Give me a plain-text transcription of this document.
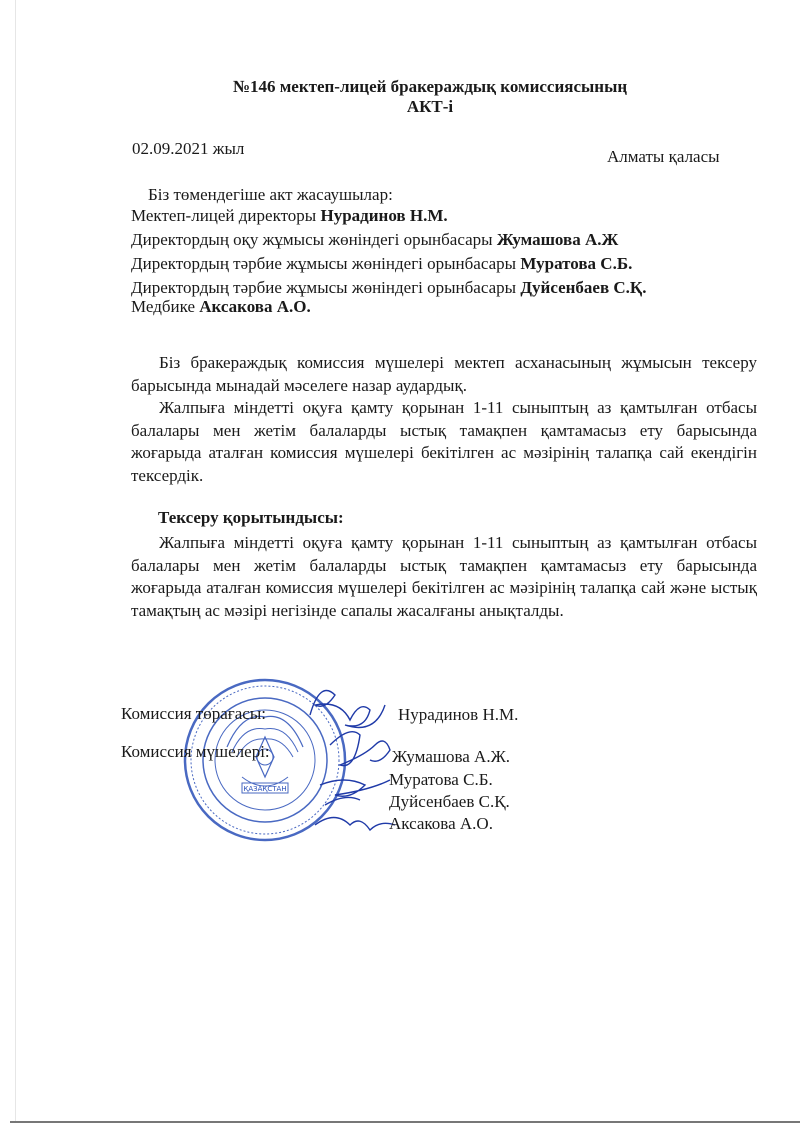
№146 мектеп-лицей бракераждық комиссиясының
АКТ-і
02.09.2021 жыл	Алматы қаласы
Біз төмендегіше акт жасаушылар:
Мектеп-лицей директоры Нурадинов Н.М.
Директордың оқу жұмысы жөніндегі орынбасары Жумашова А.Ж
Директордың тәрбие жұмысы жөніндегі орынбасары Муратова С.Б.
Директордың тәрбие жұмысы жөніндегі орынбасары Дуйсенбаев С.Қ.
Медбике Аксакова А.О.
Біз бракераждық комиссия мүшелері мектеп асханасының жұмысын тексеру барысында мынадай мәселеге назар аудардық.
Жалпыға міндетті оқуға қамту қорынан 1-11 сыныптың аз қамтылған отбасы балалары мен жетім балаларды ыстық тамақпен қамтамасыз ету барысында жоғарыда аталған комиссия мүшелері бекітілген ас мәзірінің талапқа сай екендігін тексердік.
Тексеру қорытындысы:
Жалпыға міндетті оқуға қамту қорынан 1-11 сыныптың аз қамтылған отбасы балалары мен жетім балаларды ыстық тамақпен қамтамасыз ету барысында жоғарыда аталған комиссия мүшелері бекітілген ас мәзірінің талапқа сай және ыстық тамақтың ас мәзірі негізінде сапалы жасалғаны анықталды.
ҚАЗАҚСТАН
Комиссия төрағасы:	Нурадинов Н.М.
Комиссия мүшелері:	Жумашова А.Ж.
Муратова С.Б.
Дуйсенбаев С.Қ.
Аксакова А.О.
